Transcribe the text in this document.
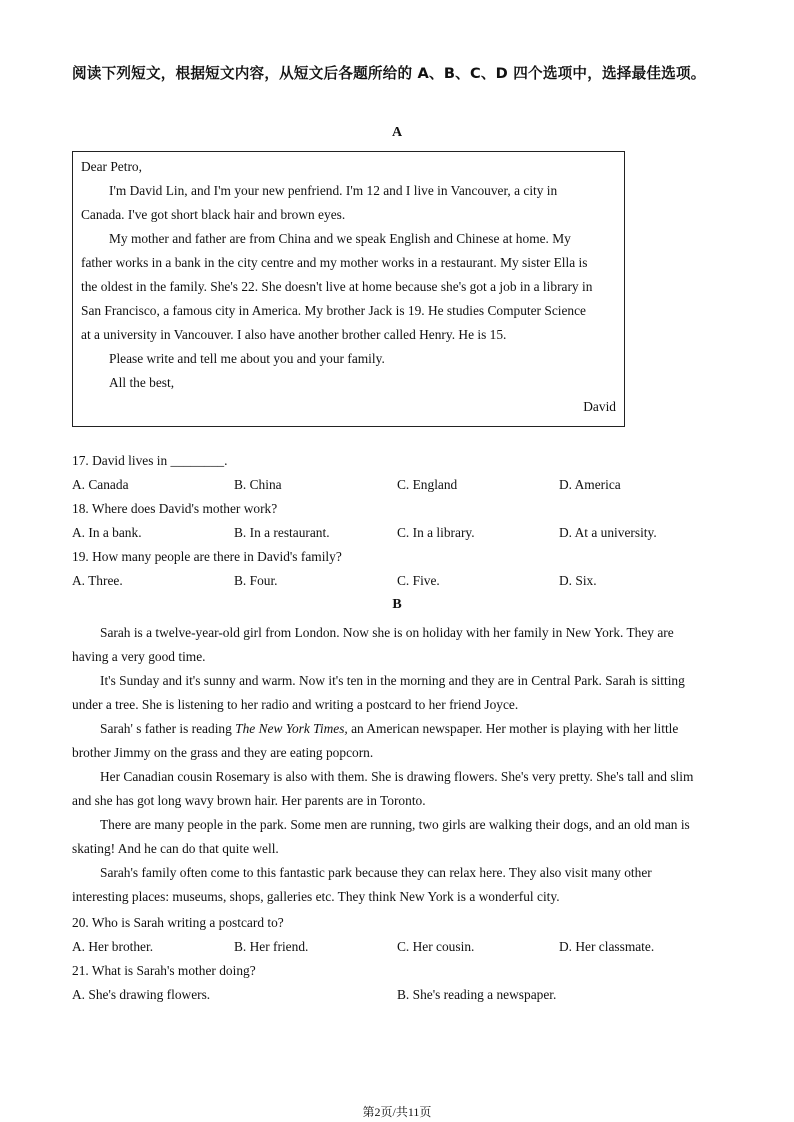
阅读下列短文，根据短文内容，从短文后各题所给的 A、B、C、D 四个选项中，选择最佳选项。
A
Dear Petro,
I'm David Lin, and I'm your new penfriend. I'm 12 and I live in Vancouver, a city in
Canada. I've got short black hair and brown eyes.
My mother and father are from China and we speak English and Chinese at home. My
father works in a bank in the city centre and my mother works in a restaurant. My sister Ella is
the oldest in the family. She's 22. She doesn't live at home because she's got a job in a library in
San Francisco, a famous city in America. My brother Jack is 19. He studies Computer Science
at a university in Vancouver. I also have another brother called Henry. He is 15.
Please write and tell me about you and your family.
All the best,
David
17. David lives in ________.
A. Canada	B. China	C. England	D. America
18. Where does David's mother work?
A. In a bank.	B. In a restaurant.	C. In a library.	D. At a university.
19. How many people are there in David's family?
A. Three.	B. Four.	C. Five.	D. Six.
B
Sarah is a twelve-year-old girl from London. Now she is on holiday with her family in New York. They are
having a very good time.
It's Sunday and it's sunny and warm. Now it's ten in the morning and they are in Central Park. Sarah is sitting
under a tree. She is listening to her radio and writing a postcard to her friend Joyce.
Sarah' s father is reading The New York Times, an American newspaper. Her mother is playing with her little
brother Jimmy on the grass and they are eating popcorn.
Her Canadian cousin Rosemary is also with them. She is drawing flowers. She's very pretty. She's tall and slim
and she has got long wavy brown hair. Her parents are in Toronto.
There are many people in the park. Some men are running, two girls are walking their dogs, and an old man is
skating! And he can do that quite well.
Sarah's family often come to this fantastic park because they can relax here. They also visit many other
interesting places: museums, shops, galleries etc. They think New York is a wonderful city.
20. Who is Sarah writing a postcard to?
A. Her brother.	B. Her friend.	C. Her cousin.	D. Her classmate.
21. What is Sarah's mother doing?
A. She's drawing flowers.	B. She's reading a newspaper.
第2页/共11页
